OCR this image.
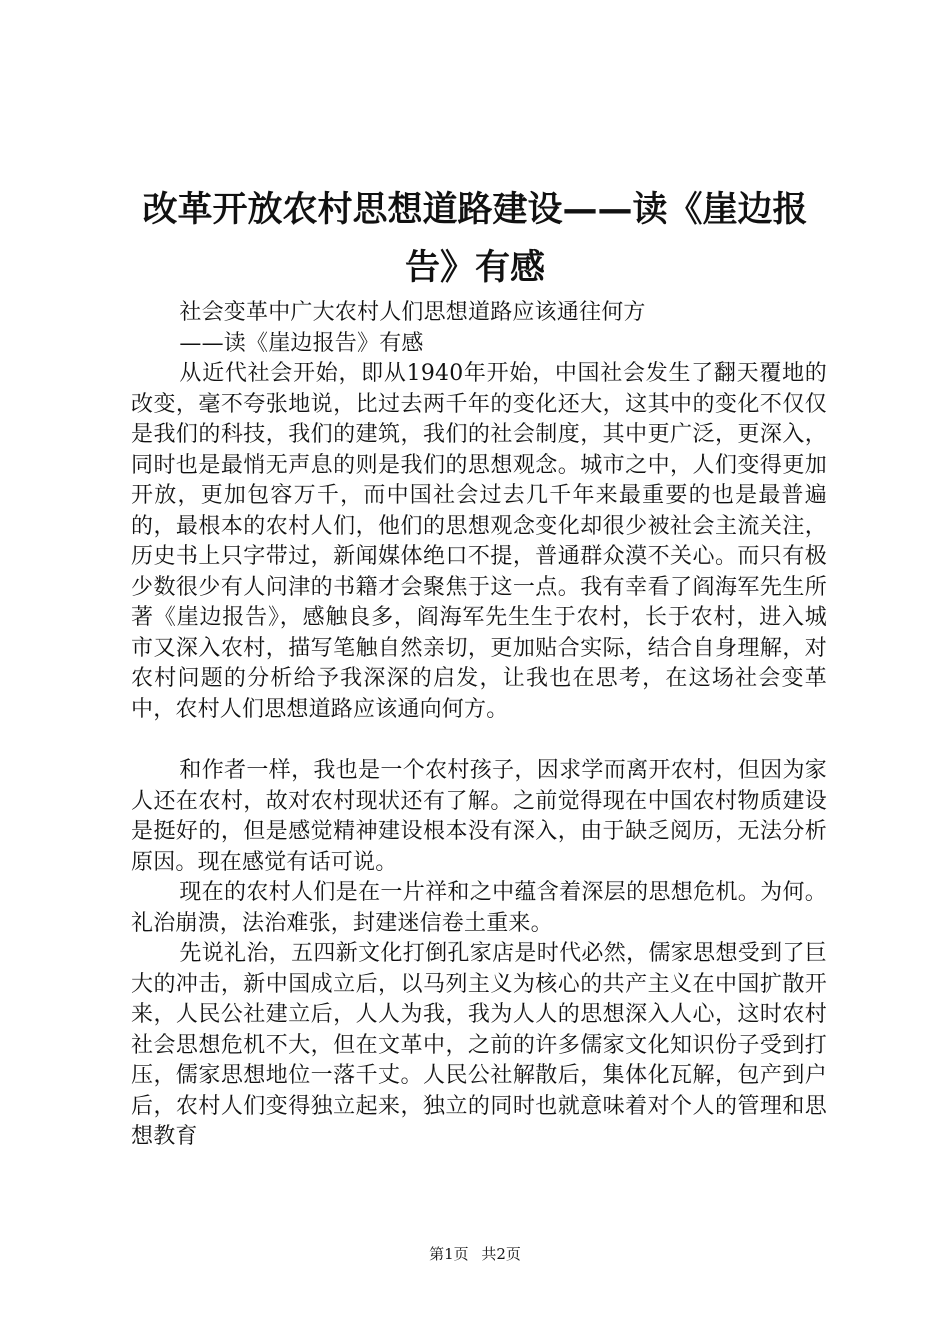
改革开放农村思想道路建设——读《崖边报
告》有感

社会变革中广大农村人们思想道路应该通往何方

——读《崖边报告》有感

从近代社会开始，即从1940年开始，中国社会发生了翻天覆地的改变，毫不夸张地说，比过去两千年的变化还大，这其中的变化不仅仅是我们的科技，我们的建筑，我们的社会制度，其中更广泛，更深入，同时也是最悄无声息的则是我们的思想观念。城市之中，人们变得更加开放，更加包容万千，而中国社会过去几千年来最重要的也是最普遍的，最根本的农村人们，他们的思想观念变化却很少被社会主流关注，历史书上只字带过，新闻媒体绝口不提，普通群众漠不关心。而只有极少数很少有人问津的书籍才会聚焦于这一点。我有幸看了阎海军先生所著《崖边报告》，感触良多，阎海军先生生于农村，长于农村，进入城市又深入农村，描写笔触自然亲切，更加贴合实际，结合自身理解，对农村问题的分析给予我深深的启发，让我也在思考，在这场社会变革中，农村人们思想道路应该通向何方。

和作者一样，我也是一个农村孩子，因求学而离开农村，但因为家人还在农村，故对农村现状还有了解。之前觉得现在中国农村物质建设是挺好的，但是感觉精神建设根本没有深入，由于缺乏阅历，无法分析原因。现在感觉有话可说。

现在的农村人们是在一片祥和之中蕴含着深层的思想危机。为何。礼治崩溃，法治难张，封建迷信卷土重来。

先说礼治，五四新文化打倒孔家店是时代必然，儒家思想受到了巨大的冲击，新中国成立后，以马列主义为核心的共产主义在中国扩散开来，人民公社建立后，人人为我，我为人人的思想深入人心，这时农村社会思想危机不大，但在文革中，之前的许多儒家文化知识份子受到打压，儒家思想地位一落千丈。人民公社解散后，集体化瓦解，包产到户后，农村人们变得独立起来，独立的同时也就意味着对个人的管理和思想教育

第1页 共2页
